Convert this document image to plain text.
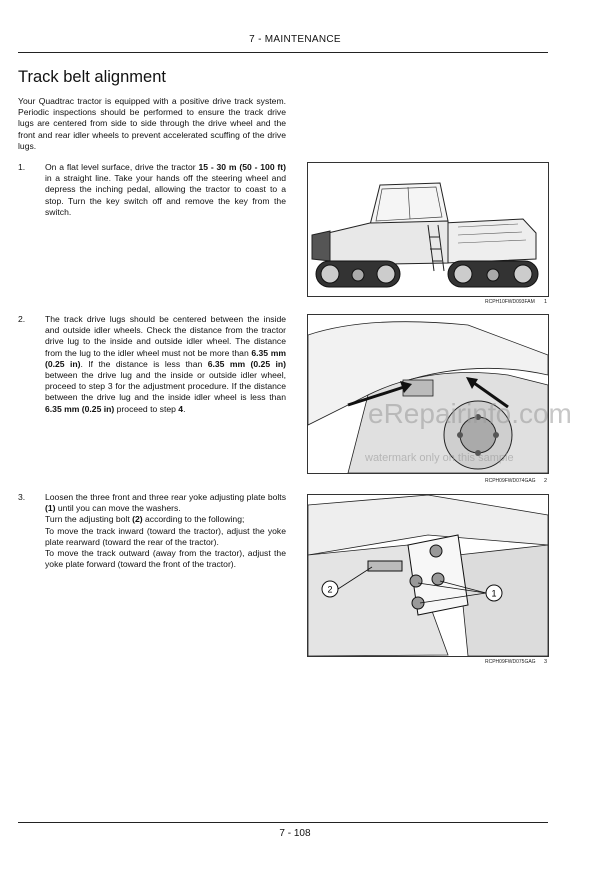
7 - MAINTENANCE
Track belt alignment
Your Quadtrac tractor is equipped with a positive drive track system. Periodic inspections should be performed to ensure the track drive lugs are centered from side to side through the drive wheel and the front and rear idler wheels to prevent accelerated scuffing of the drive lugs.
1. On a flat level surface, drive the tractor 15 - 30 m (50 - 100 ft) in a straight line. Take your hands off the steering wheel and depress the inching pedal, allowing the tractor to coast to a stop. Turn the key switch off and remove the key from the switch.
2. The track drive lugs should be centered between the inside and outside idler wheels. Check the distance from the tractor drive lug to the inside and outside idler wheel. The distance from the lug to the idler wheel must not be more than 6.35 mm (0.25 in). If the distance is less than 6.35 mm (0.25 in) between the drive lug and the inside or outside idler wheel, proceed to step 3 for the adjustment procedure. If the distance between the drive lug and the inside idler wheel is less than 6.35 mm (0.25 in) proceed to step 4.
3. Loosen the three front and three rear yoke adjusting plate bolts (1) until you can move the washers.

Turn the adjusting bolt (2) according to the following;

To move the track inward (toward the tractor), adjust the yoke plate rearward (toward the rear of the tractor).

To move the track outward (away from the tractor), adjust the yoke plate forward (toward the front of the tractor).

RCPH10FWD093FAM 1
RCPH09FWD074GAG 2
1
2
RCPH09FWD075GAG 3
eRepairinfo.com
watermark only on this sample
7 - 108
